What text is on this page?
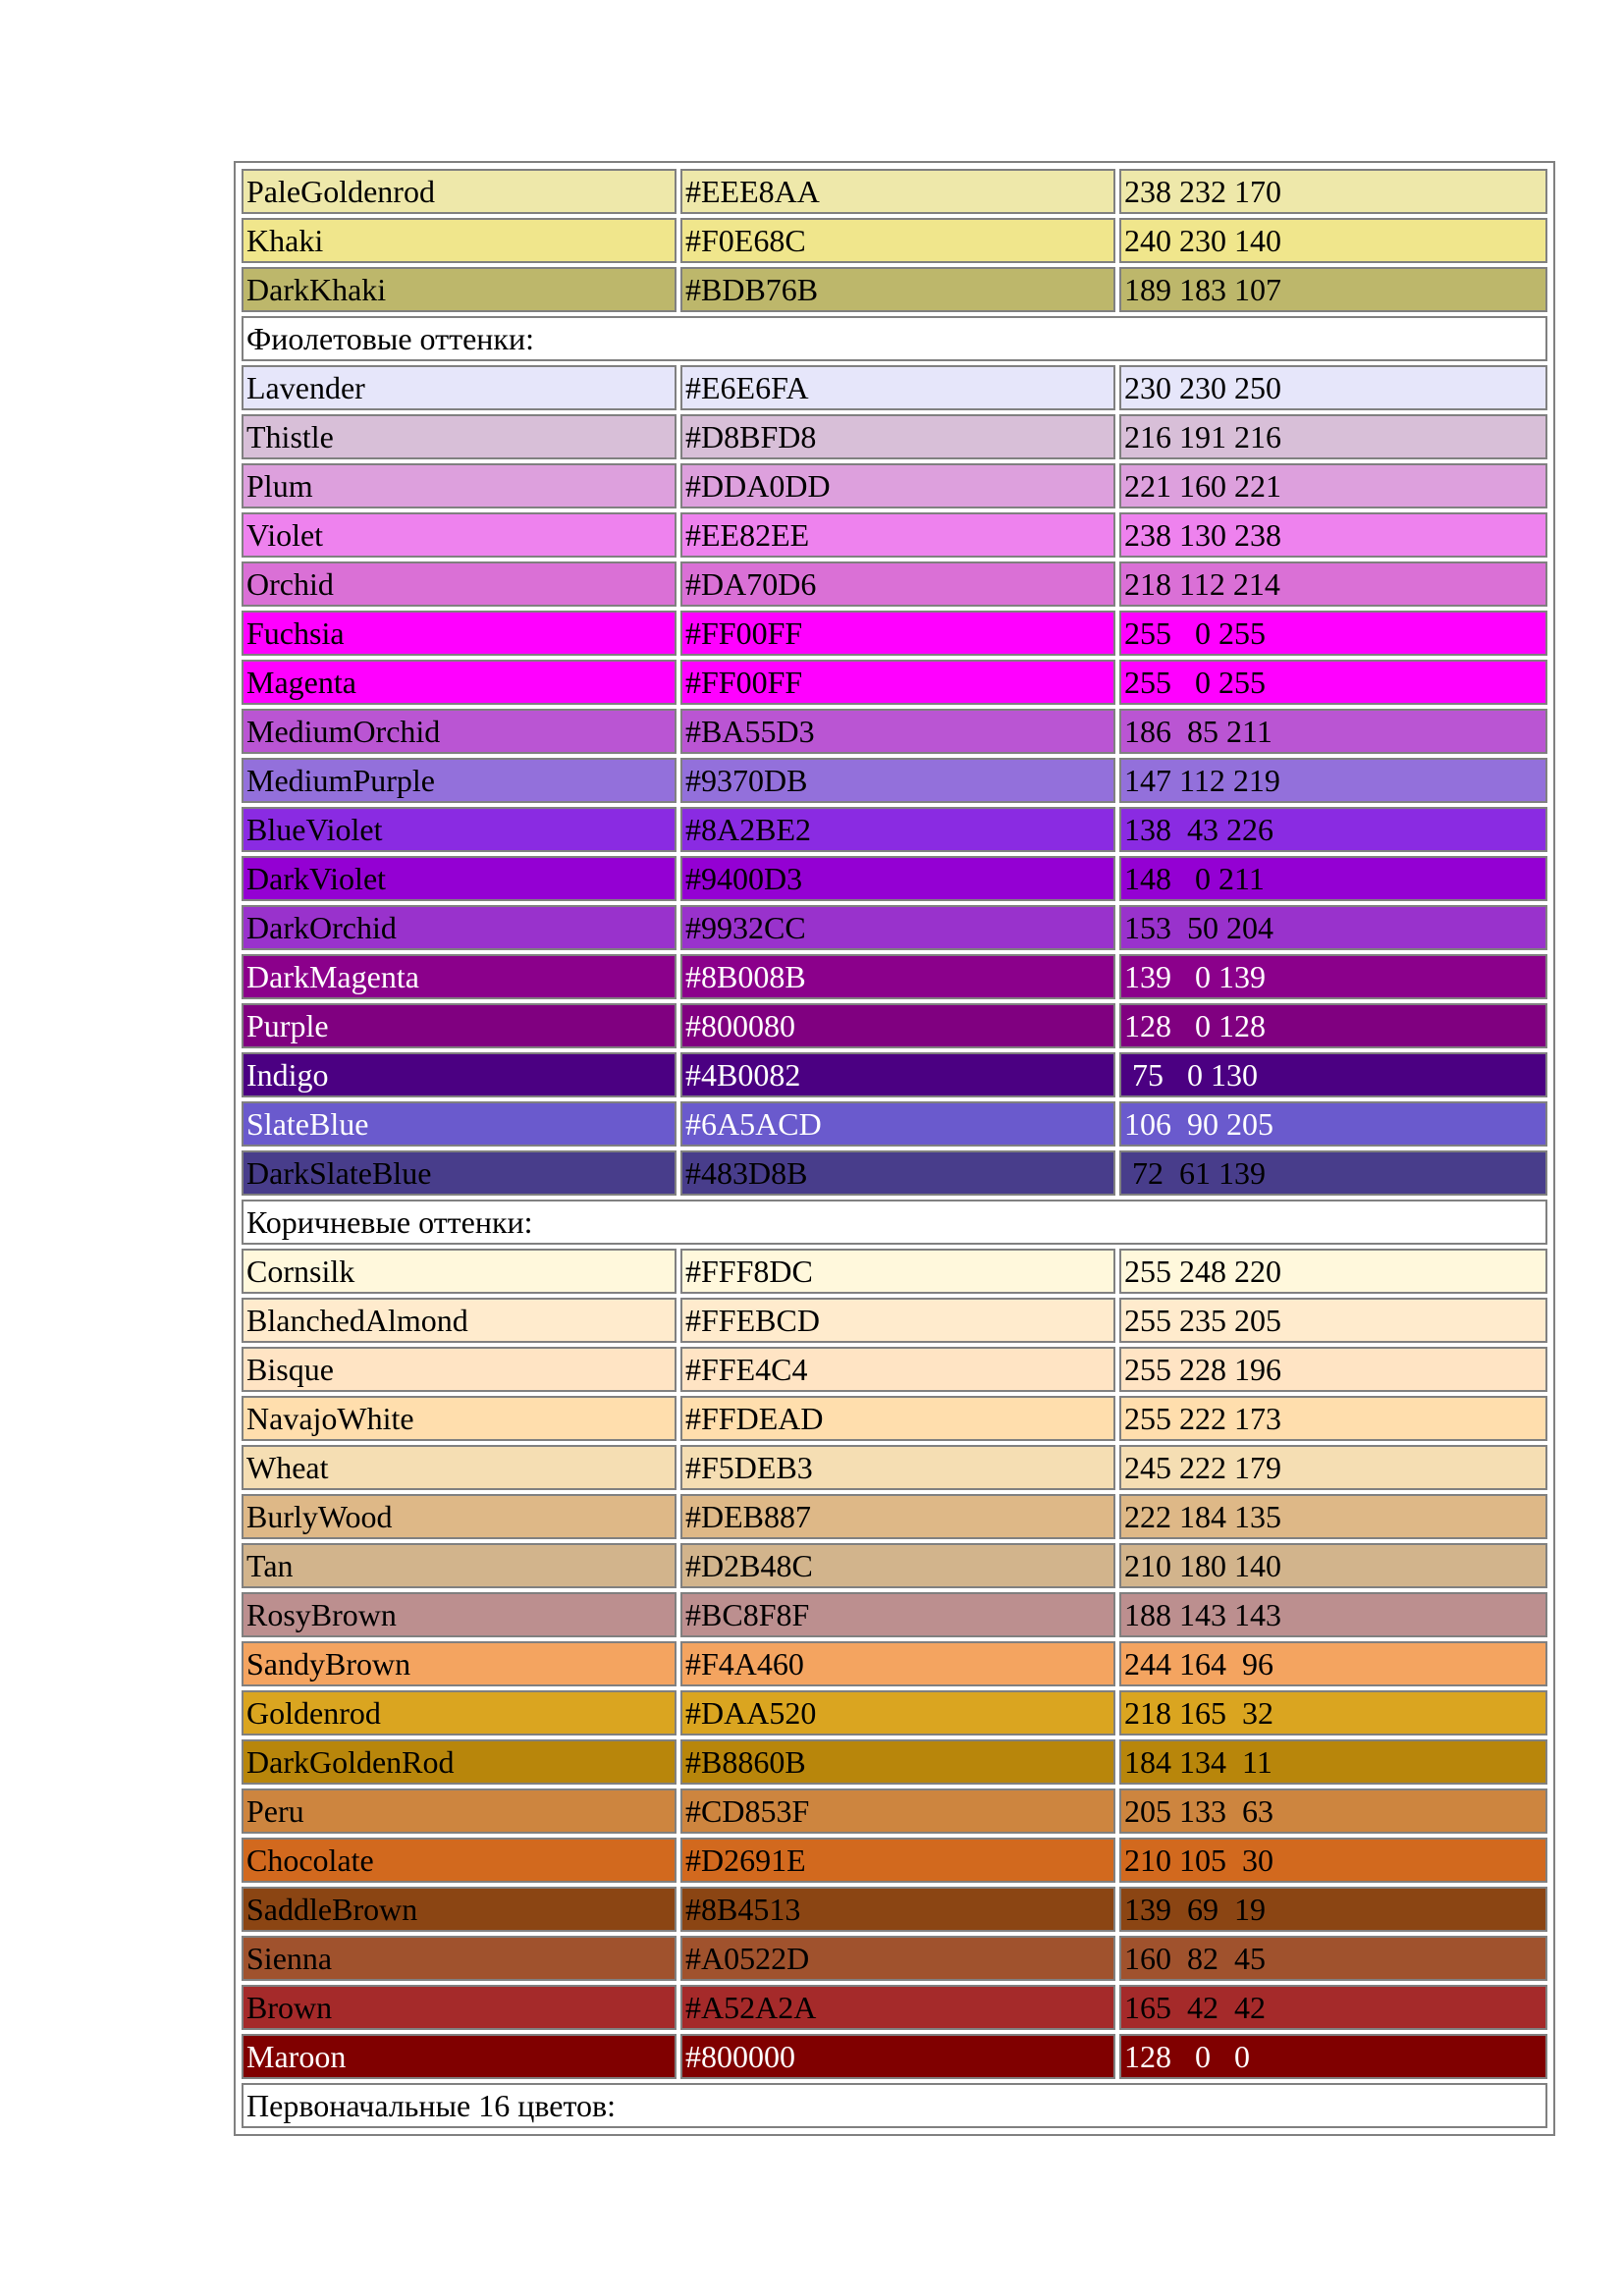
PaleGoldenrod	#EEE8AA	238 232 170
Khaki	#F0E68C	240 230 140
DarkKhaki	#BDB76B	189 183 107
Фиолетовые оттенки:		
Lavender	#E6E6FA	230 230 250
Thistle	#D8BFD8	216 191 216
Plum	#DDA0DD	221 160 221
Violet	#EE82EE	238 130 238
Orchid	#DA70D6	218 112 214
Fuchsia	#FF00FF	255   0 255
Magenta	#FF00FF	255   0 255
MediumOrchid	#BA55D3	186  85 211
MediumPurple	#9370DB	147 112 219
BlueViolet	#8A2BE2	138  43 226
DarkViolet	#9400D3	148   0 211
DarkOrchid	#9932CC	153  50 204
DarkMagenta	#8B008B	139   0 139
Purple	#800080	128   0 128
Indigo	#4B0082	75   0 130
SlateBlue	#6A5ACD	106  90 205
DarkSlateBlue	#483D8B	72  61 139
Коричневые оттенки:		
Cornsilk	#FFF8DC	255 248 220
BlanchedAlmond	#FFEBCD	255 235 205
Bisque	#FFE4C4	255 228 196
NavajoWhite	#FFDEAD	255 222 173
Wheat	#F5DEB3	245 222 179
BurlyWood	#DEB887	222 184 135
Tan	#D2B48C	210 180 140
RosyBrown	#BC8F8F	188 143 143
SandyBrown	#F4A460	244 164  96
Goldenrod	#DAA520	218 165  32
DarkGoldenRod	#B8860B	184 134  11
Peru	#CD853F	205 133  63
Chocolate	#D2691E	210 105  30
SaddleBrown	#8B4513	139  69  19
Sienna	#A0522D	160  82  45
Brown	#A52A2A	165  42  42
Maroon	#800000	128   0   0
Первоначальные 16 цветов:		
